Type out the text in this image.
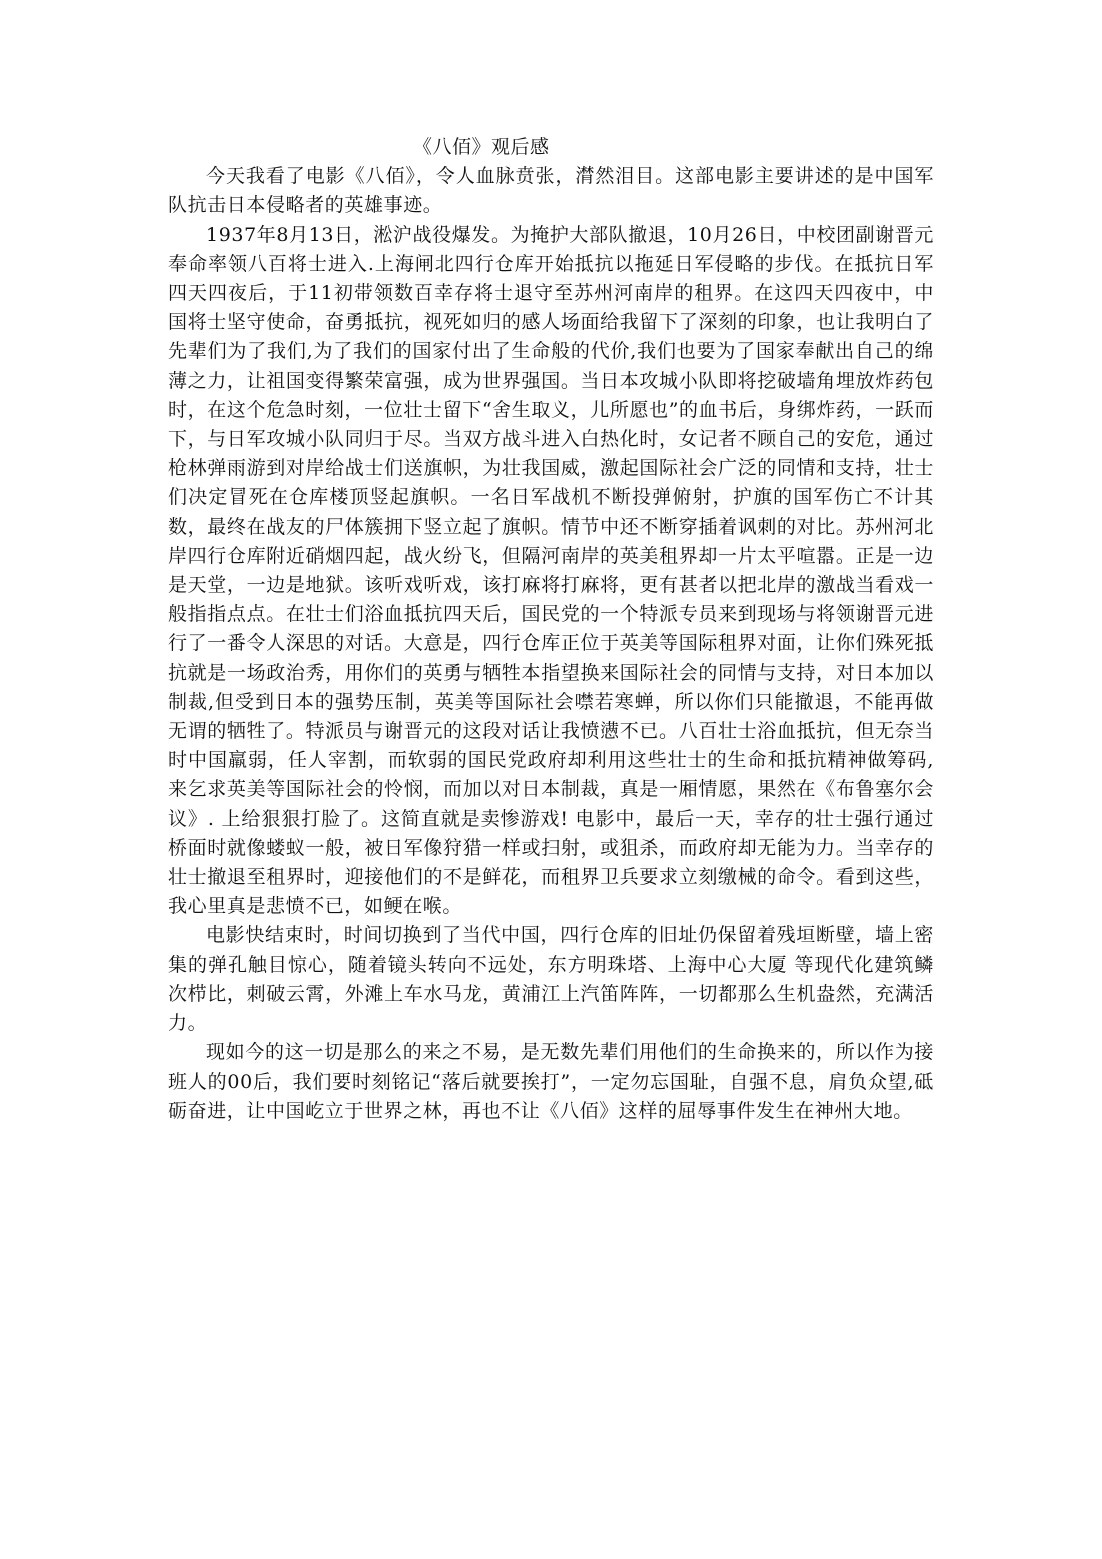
《八佰》观后感

今天我看了电影《八佰》，令人血脉贲张，潸然泪目。这部电影主要讲述的是中国军队抗击日本侵略者的英雄事迹。

1937年8月13日，淞沪战役爆发。为掩护大部队撤退，10月26日，中校团副谢晋元奉命率领八百将士进入.上海闸北四行仓库开始抵抗以拖延日军侵略的步伐。在抵抗日军四天四夜后，于11初带领数百幸存将士退守至苏州河南岸的租界。在这四天四夜中，中国将士坚守使命，奋勇抵抗，视死如归的感人场面给我留下了深刻的印象，也让我明白了先辈们为了我们,为了我们的国家付出了生命般的代价,我们也要为了国家奉献出自己的绵薄之力，让祖国变得繁荣富强，成为世界强国。当日本攻城小队即将挖破墙角埋放炸药包时，在这个危急时刻，一位壮士留下“舍生取义，儿所愿也”的血书后，身绑炸药，一跃而下，与日军攻城小队同归于尽。当双方战斗进入白热化时，女记者不顾自己的安危，通过枪林弹雨游到对岸给战士们送旗帜，为壮我国威，激起国际社会广泛的同情和支持，壮士们决定冒死在仓库楼顶竖起旗帜。一名日军战机不断投弹俯射，护旗的国军伤亡不计其数，最终在战友的尸体簇拥下竖立起了旗帜。情节中还不断穿插着讽刺的对比。苏州河北岸四行仓库附近硝烟四起，战火纷飞，但隔河南岸的英美租界却一片太平喧嚣。正是一边是天堂，一边是地狱。该听戏听戏，该打麻将打麻将，更有甚者以把北岸的激战当看戏一般指指点点。在壮士们浴血抵抗四天后，国民党的一个特派专员来到现场与将领谢晋元进行了一番令人深思的对话。大意是，四行仓库正位于英美等国际租界对面，让你们殊死抵抗就是一场政治秀，用你们的英勇与牺牲本指望换来国际社会的同情与支持，对日本加以制裁,但受到日本的强势压制，英美等国际社会噤若寒蝉，所以你们只能撤退，不能再做无谓的牺牲了。特派员与谢晋元的这段对话让我愤懑不已。八百壮士浴血抵抗，但无奈当时中国羸弱，任人宰割，而软弱的国民党政府却利用这些壮士的生命和抵抗精神做筹码,来乞求英美等国际社会的怜悯，而加以对日本制裁，真是一厢情愿，果然在《布鲁塞尔会议》. 上给狠狠打脸了。这简直就是卖惨游戏! 电影中，最后一天，幸存的壮士强行通过桥面时就像蝼蚁一般，被日军像狩猎一样或扫射，或狙杀，而政府却无能为力。当幸存的壮士撤退至租界时，迎接他们的不是鲜花，而租界卫兵要求立刻缴械的命令。看到这些，我心里真是悲愤不已，如鲠在喉。

电影快结束时，时间切换到了当代中国，四行仓库的旧址仍保留着残垣断壁，墙上密集的弹孔触目惊心，随着镜头转向不远处，东方明珠塔、上海中心大厦 等现代化建筑鳞次栉比，刺破云霄，外滩上车水马龙，黄浦江上汽笛阵阵，一切都那么生机盎然，充满活力。

现如今的这一切是那么的来之不易，是无数先辈们用他们的生命换来的，所以作为接班人的00后，我们要时刻铭记“落后就要挨打”，一定勿忘国耻，自强不息，肩负众望,砥砺奋进，让中国屹立于世界之林，再也不让《八佰》这样的屈辱事件发生在神州大地。
